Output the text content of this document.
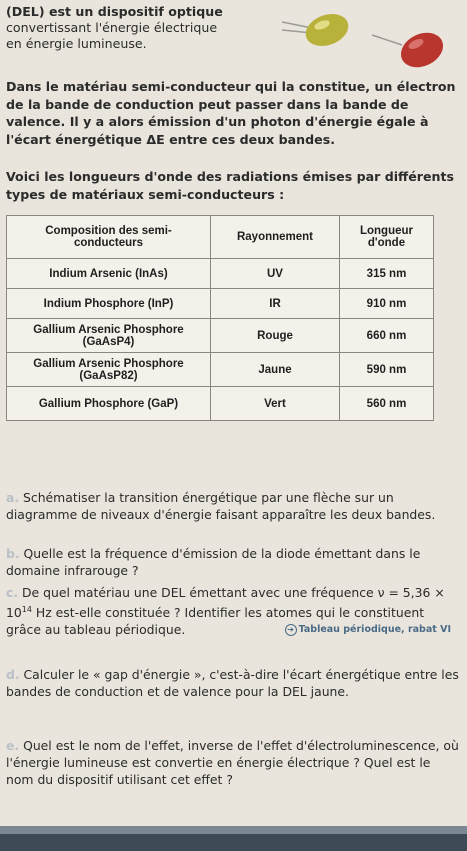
(DEL) est un dispositif optique
convertissant l'énergie électrique
en énergie lumineuse.
Dans le matériau semi-conducteur qui la constitue, un électron de la bande de conduction peut passer dans la bande de valence. Il y a alors émission d'un photon d'énergie égale à l'écart énergétique ΔE entre ces deux bandes.
Voici les longueurs d'onde des radiations émises par différents types de matériaux semi-conducteurs :
Composition des semi-conducteurs	Rayonnement	Longueur d'onde
Indium Arsenic (InAs)	UV	315 nm
Indium Phosphore (InP)	IR	910 nm
Gallium Arsenic Phosphore (GaAsP4)	Rouge	660 nm
Gallium Arsenic Phosphore (GaAsP82)	Jaune	590 nm
Gallium Phosphore (GaP)	Vert	560 nm
a. Schématiser la transition énergétique par une flèche sur un diagramme de niveaux d'énergie faisant apparaître les deux bandes.
b. Quelle est la fréquence d'émission de la diode émettant dans le domaine infrarouge ?
c. De quel matériau une DEL émettant avec une fréquence $\nu = 5,36 \times 10^{14}$ Hz est-elle constituée ? Identifier les atomes qui le constituent grâce au tableau périodique.	➔ Tableau périodique, rabat VI
d. Calculer le « gap d'énergie », c'est-à-dire l'écart énergétique entre les bandes de conduction et de valence pour la DEL jaune.
e. Quel est le nom de l'effet, inverse de l'effet d'électroluminescence, où l'énergie lumineuse est convertie en énergie électrique ? Quel est le nom du dispositif utilisant cet effet ?
